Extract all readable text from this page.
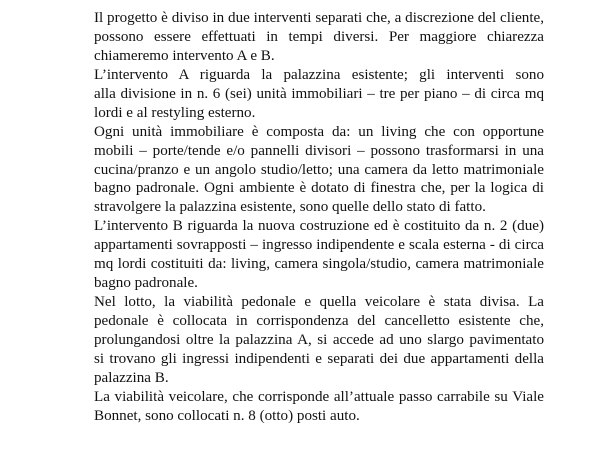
Il progetto è diviso in due interventi separati che, a discrezione del cliente,
possono essere effettuati in tempi diversi. Per maggiore chiarezza
chiameremo intervento A e B.
L’intervento A riguarda la palazzina esistente; gli interventi sono
alla divisione in n. 6 (sei) unità immobiliari – tre per piano – di circa mq
lordi e al restyling esterno.
Ogni unità immobiliare è composta da: un living che con opportune
mobili – porte/tende e/o pannelli divisori – possono trasformarsi in una
cucina/pranzo e un angolo studio/letto; una camera da letto matrimoniale
bagno padronale. Ogni ambiente è dotato di finestra che, per la logica di
stravolgere la palazzina esistente, sono quelle dello stato di fatto.
L’intervento B riguarda la nuova costruzione ed è costituito da n. 2 (due)
appartamenti sovrapposti – ingresso indipendente e scala esterna - di circa
mq lordi costituiti da: living, camera singola/studio, camera matrimoniale
bagno padronale.
Nel lotto, la viabilità pedonale e quella veicolare è stata divisa. La
pedonale è collocata in corrispondenza del cancelletto esistente che,
prolungandosi oltre la palazzina A, si accede ad uno slargo pavimentato
si trovano gli ingressi indipendenti e separati dei due appartamenti della
palazzina B.
La viabilità veicolare, che corrisponde all’attuale passo carrabile su Viale
Bonnet, sono collocati n. 8 (otto) posti auto.
